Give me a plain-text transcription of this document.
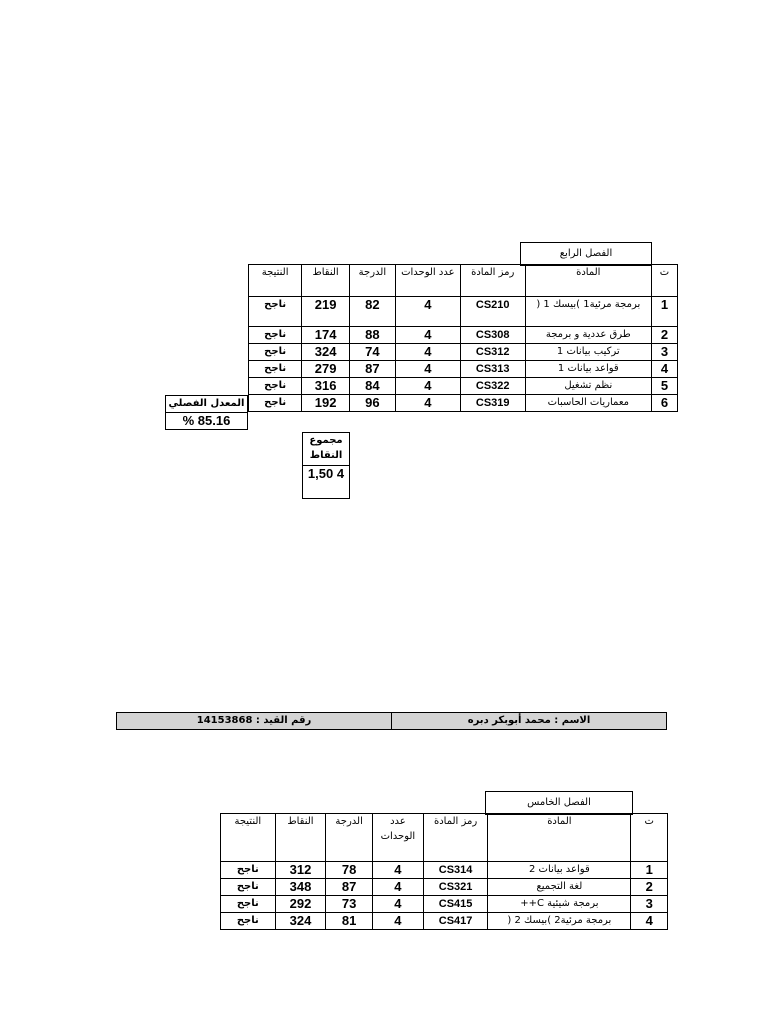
الفصل الرابع
ت	المادة	رمز المادة	عدد الوحدات	الدرجة	النقاط	النتيجة
1	برمجة مرئية1 )بيسك 1 (	CS210	4	82	219	ناجح
2	طرق عددية و برمجة	CS308	4	88	174	ناجح
3	تركيب بيانات 1	CS312	4	74	324	ناجح
4	قواعد بيانات 1	CS313	4	87	279	ناجح
5	نظم تشغيل	CS322	4	84	316	ناجح
6	معماريات الحاسبات	CS319	4	96	192	ناجح
المعدل الفصلي
% 85.16
مجموع النقاط
1,50 4
الاسم : محمد أبوبكر دبره	رقم القيد : 14153868
الفصل الخامس
ت	المادة	رمز المادة	عدد الوحدات	الدرجة	النقاط	النتيجة
1	قواعد بيانات 2	CS314	4	78	312	ناجح
2	لغة التجميع	CS321	4	87	348	ناجح
3	برمجة شيئية C++	CS415	4	73	292	ناجح
4	برمجة مرئية2 )بيسك 2 (	CS417	4	81	324	ناجح
